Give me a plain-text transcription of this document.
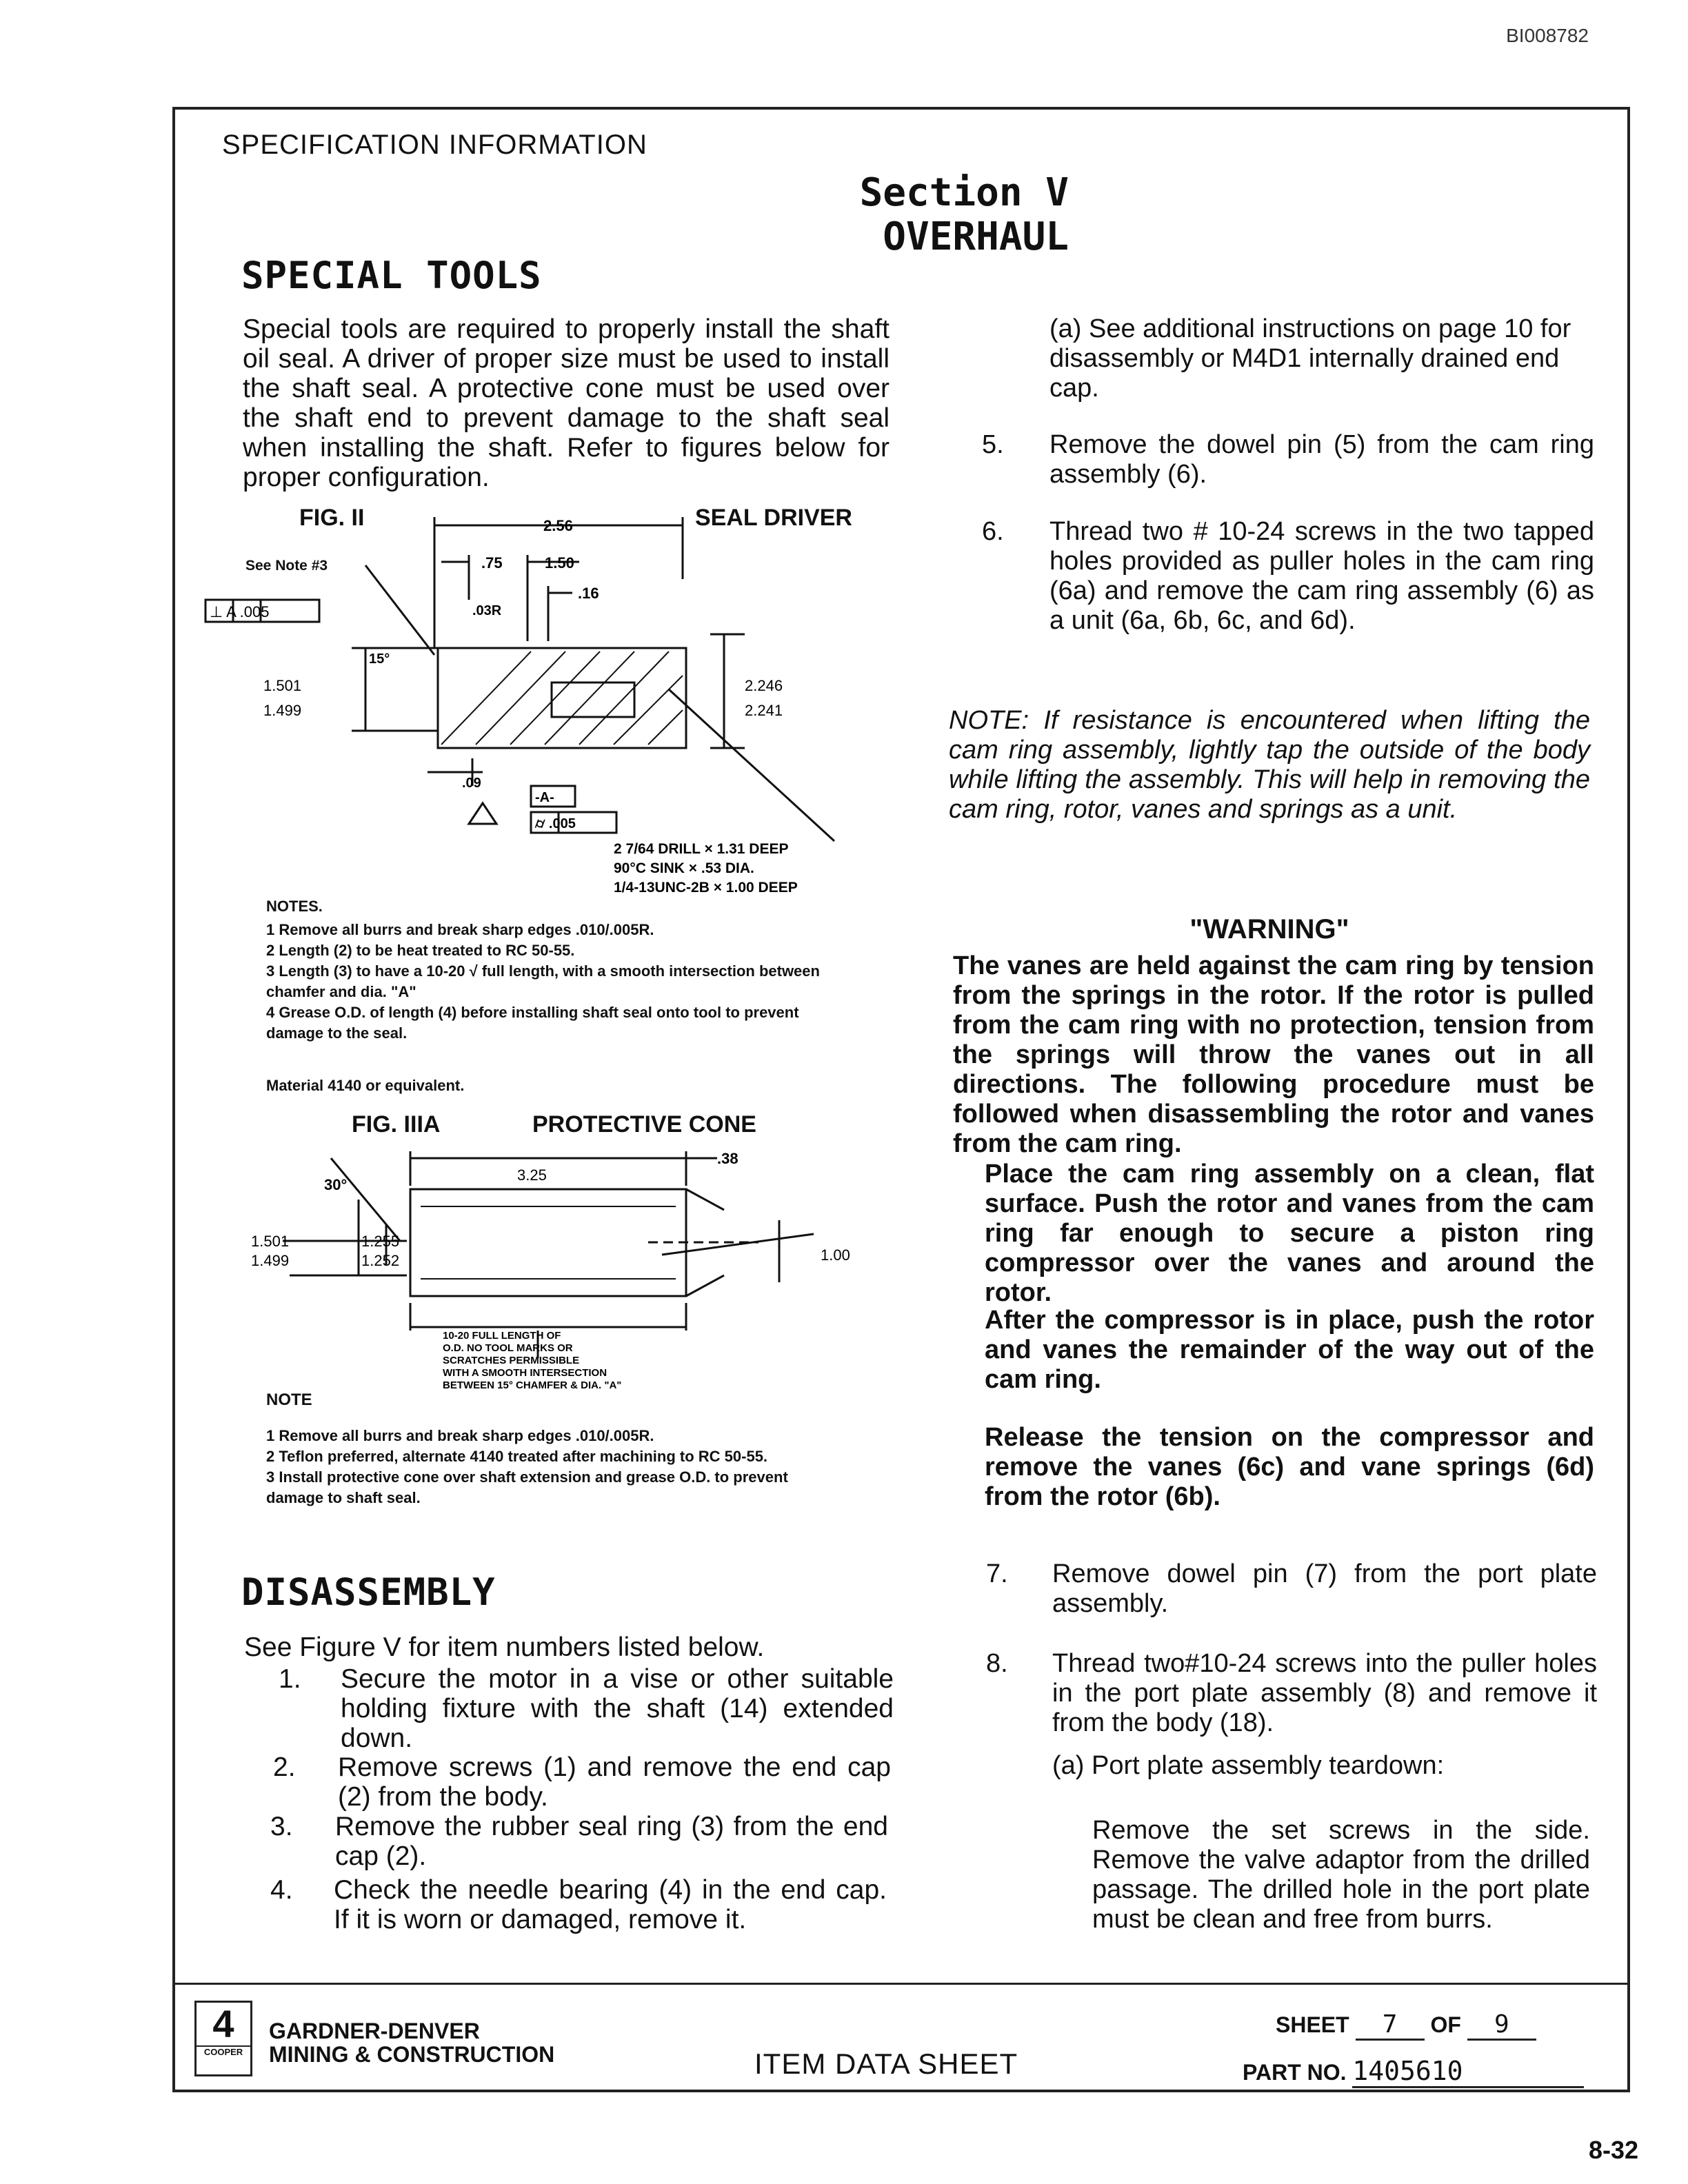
BI008782
SPECIFICATION INFORMATION
Section V
OVERHAUL
SPECIAL TOOLS
Special tools are required to properly install the shaft oil seal. A driver of proper size must be used to install the shaft seal. A protective cone must be used over the shaft end to prevent damage to the shaft seal when installing the shaft. Refer to figures below for proper configuration.
FIG. II	SEAL DRIVER
See Note #3
2.56
.75	1.50
.16
.03R
15°
1.501
1.499
2.246
2.241
.09
⊥ A .005
-A-
⌭ .005
2 7/64 DRILL × 1.31 DEEP
90°C SINK × .53 DIA.
1/4-13UNC-2B × 1.00 DEEP
NOTES.
1 Remove all burrs and break sharp edges .010/.005R.
2 Length (2) to be heat treated to RC 50-55.
3 Length (3) to have a 10-20 √ full length, with a smooth intersection between chamfer and dia. "A"
4 Grease O.D. of length (4) before installing shaft seal onto tool to prevent damage to the seal.
Material 4140 or equivalent.
FIG. IIIA	PROTECTIVE CONE
30°
3.25
.38
1.501
1.499
1.255
1.252	1.00
10-20 FULL LENGTH OF
O.D. NO TOOL MARKS OR
SCRATCHES PERMISSIBLE
WITH A SMOOTH INTERSECTION
BETWEEN 15° CHAMFER & DIA. "A"
NOTE
1 Remove all burrs and break sharp edges .010/.005R.
2 Teflon preferred, alternate 4140 treated after machining to RC 50-55.
3 Install protective cone over shaft extension and grease O.D. to prevent damage to shaft seal.
DISASSEMBLY
See Figure V for item numbers listed below.
1. Secure the motor in a vise or other suitable holding fixture with the shaft (14) extended down.
2. Remove screws (1) and remove the end cap (2) from the body.
3. Remove the rubber seal ring (3) from the end cap (2).
4. Check the needle bearing (4) in the end cap. If it is worn or damaged, remove it.
(a) See additional instructions on page 10 for disassembly or M4D1 internally drained end cap.
5. Remove the dowel pin (5) from the cam ring assembly (6).
6. Thread two # 10-24 screws in the two tapped holes provided as puller holes in the cam ring (6a) and remove the cam ring assembly (6) as a unit (6a, 6b, 6c, and 6d).
NOTE: If resistance is encountered when lifting the cam ring assembly, lightly tap the outside of the body while lifting the assembly. This will help in removing the cam ring, rotor, vanes and springs as a unit.
"WARNING"
The vanes are held against the cam ring by tension from the springs in the rotor. If the rotor is pulled from the cam ring with no protection, tension from the springs will throw the vanes out in all directions. The following procedure must be followed when disassembling the rotor and vanes from the cam ring.
Place the cam ring assembly on a clean, flat surface. Push the rotor and vanes from the cam ring far enough to secure a piston ring compressor over the vanes and around the rotor.
After the compressor is in place, push the rotor and vanes the remainder of the way out of the cam ring.
Release the tension on the compressor and remove the vanes (6c) and vane springs (6d) from the rotor (6b).
7. Remove dowel pin (7) from the port plate assembly.
8. Thread two#10-24 screws into the puller holes in the port plate assembly (8) and remove it from the body (18).
(a) Port plate assembly teardown:
Remove the set screws in the side. Remove the valve adaptor from the drilled passage. The drilled hole in the port plate must be clean and free from burrs.
4
COOPER
GARDNER-DENVER
MINING & CONSTRUCTION	ITEM DATA SHEET
SHEET 7 OF 9
PART NO. 1405610
8-32
